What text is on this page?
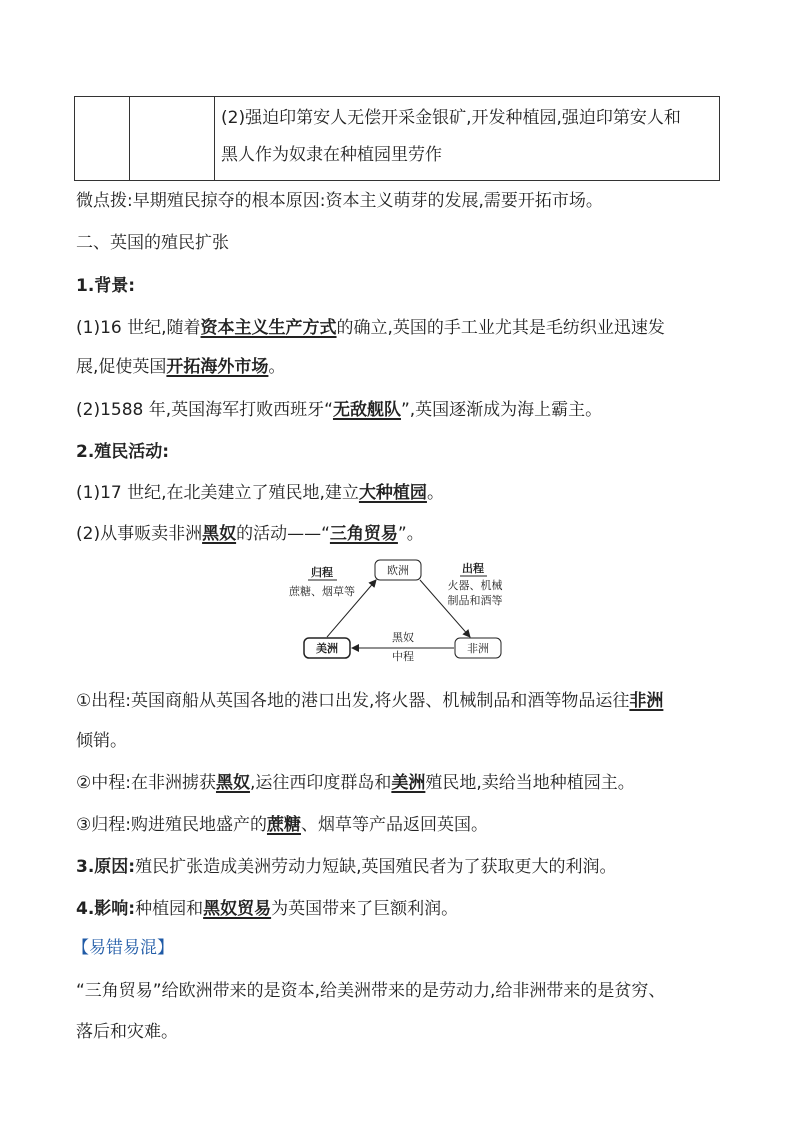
(2)强迫印第安人无偿开采金银矿,开发种植园,强迫印第安人和
黑人作为奴隶在种植园里劳作
微点拨:早期殖民掠夺的根本原因:资本主义萌芽的发展,需要开拓市场。
二、英国的殖民扩张
1.背景:
(1)16 世纪,随着资本主义生产方式的确立,英国的手工业尤其是毛纺织业迅速发
展,促使英国开拓海外市场。
(2)1588 年,英国海军打败西班牙“无敌舰队”,英国逐渐成为海上霸主。
2.殖民活动:
(1)17 世纪,在北美建立了殖民地,建立大种植园。
(2)从事贩卖非洲黑奴的活动——“三角贸易”。
欧洲
美洲	非洲
归程
蔗糖、烟草等
出程
火器、机械
制品和酒等
黑奴
中程
①出程:英国商船从英国各地的港口出发,将火器、机械制品和酒等物品运往非洲
倾销。
②中程:在非洲掳获黑奴,运往西印度群岛和美洲殖民地,卖给当地种植园主。
③归程:购进殖民地盛产的蔗糖、烟草等产品返回英国。
3.原因:殖民扩张造成美洲劳动力短缺,英国殖民者为了获取更大的利润。
4.影响:种植园和黑奴贸易为英国带来了巨额利润。
【易错易混】
“三角贸易”给欧洲带来的是资本,给美洲带来的是劳动力,给非洲带来的是贫穷、
落后和灾难。
